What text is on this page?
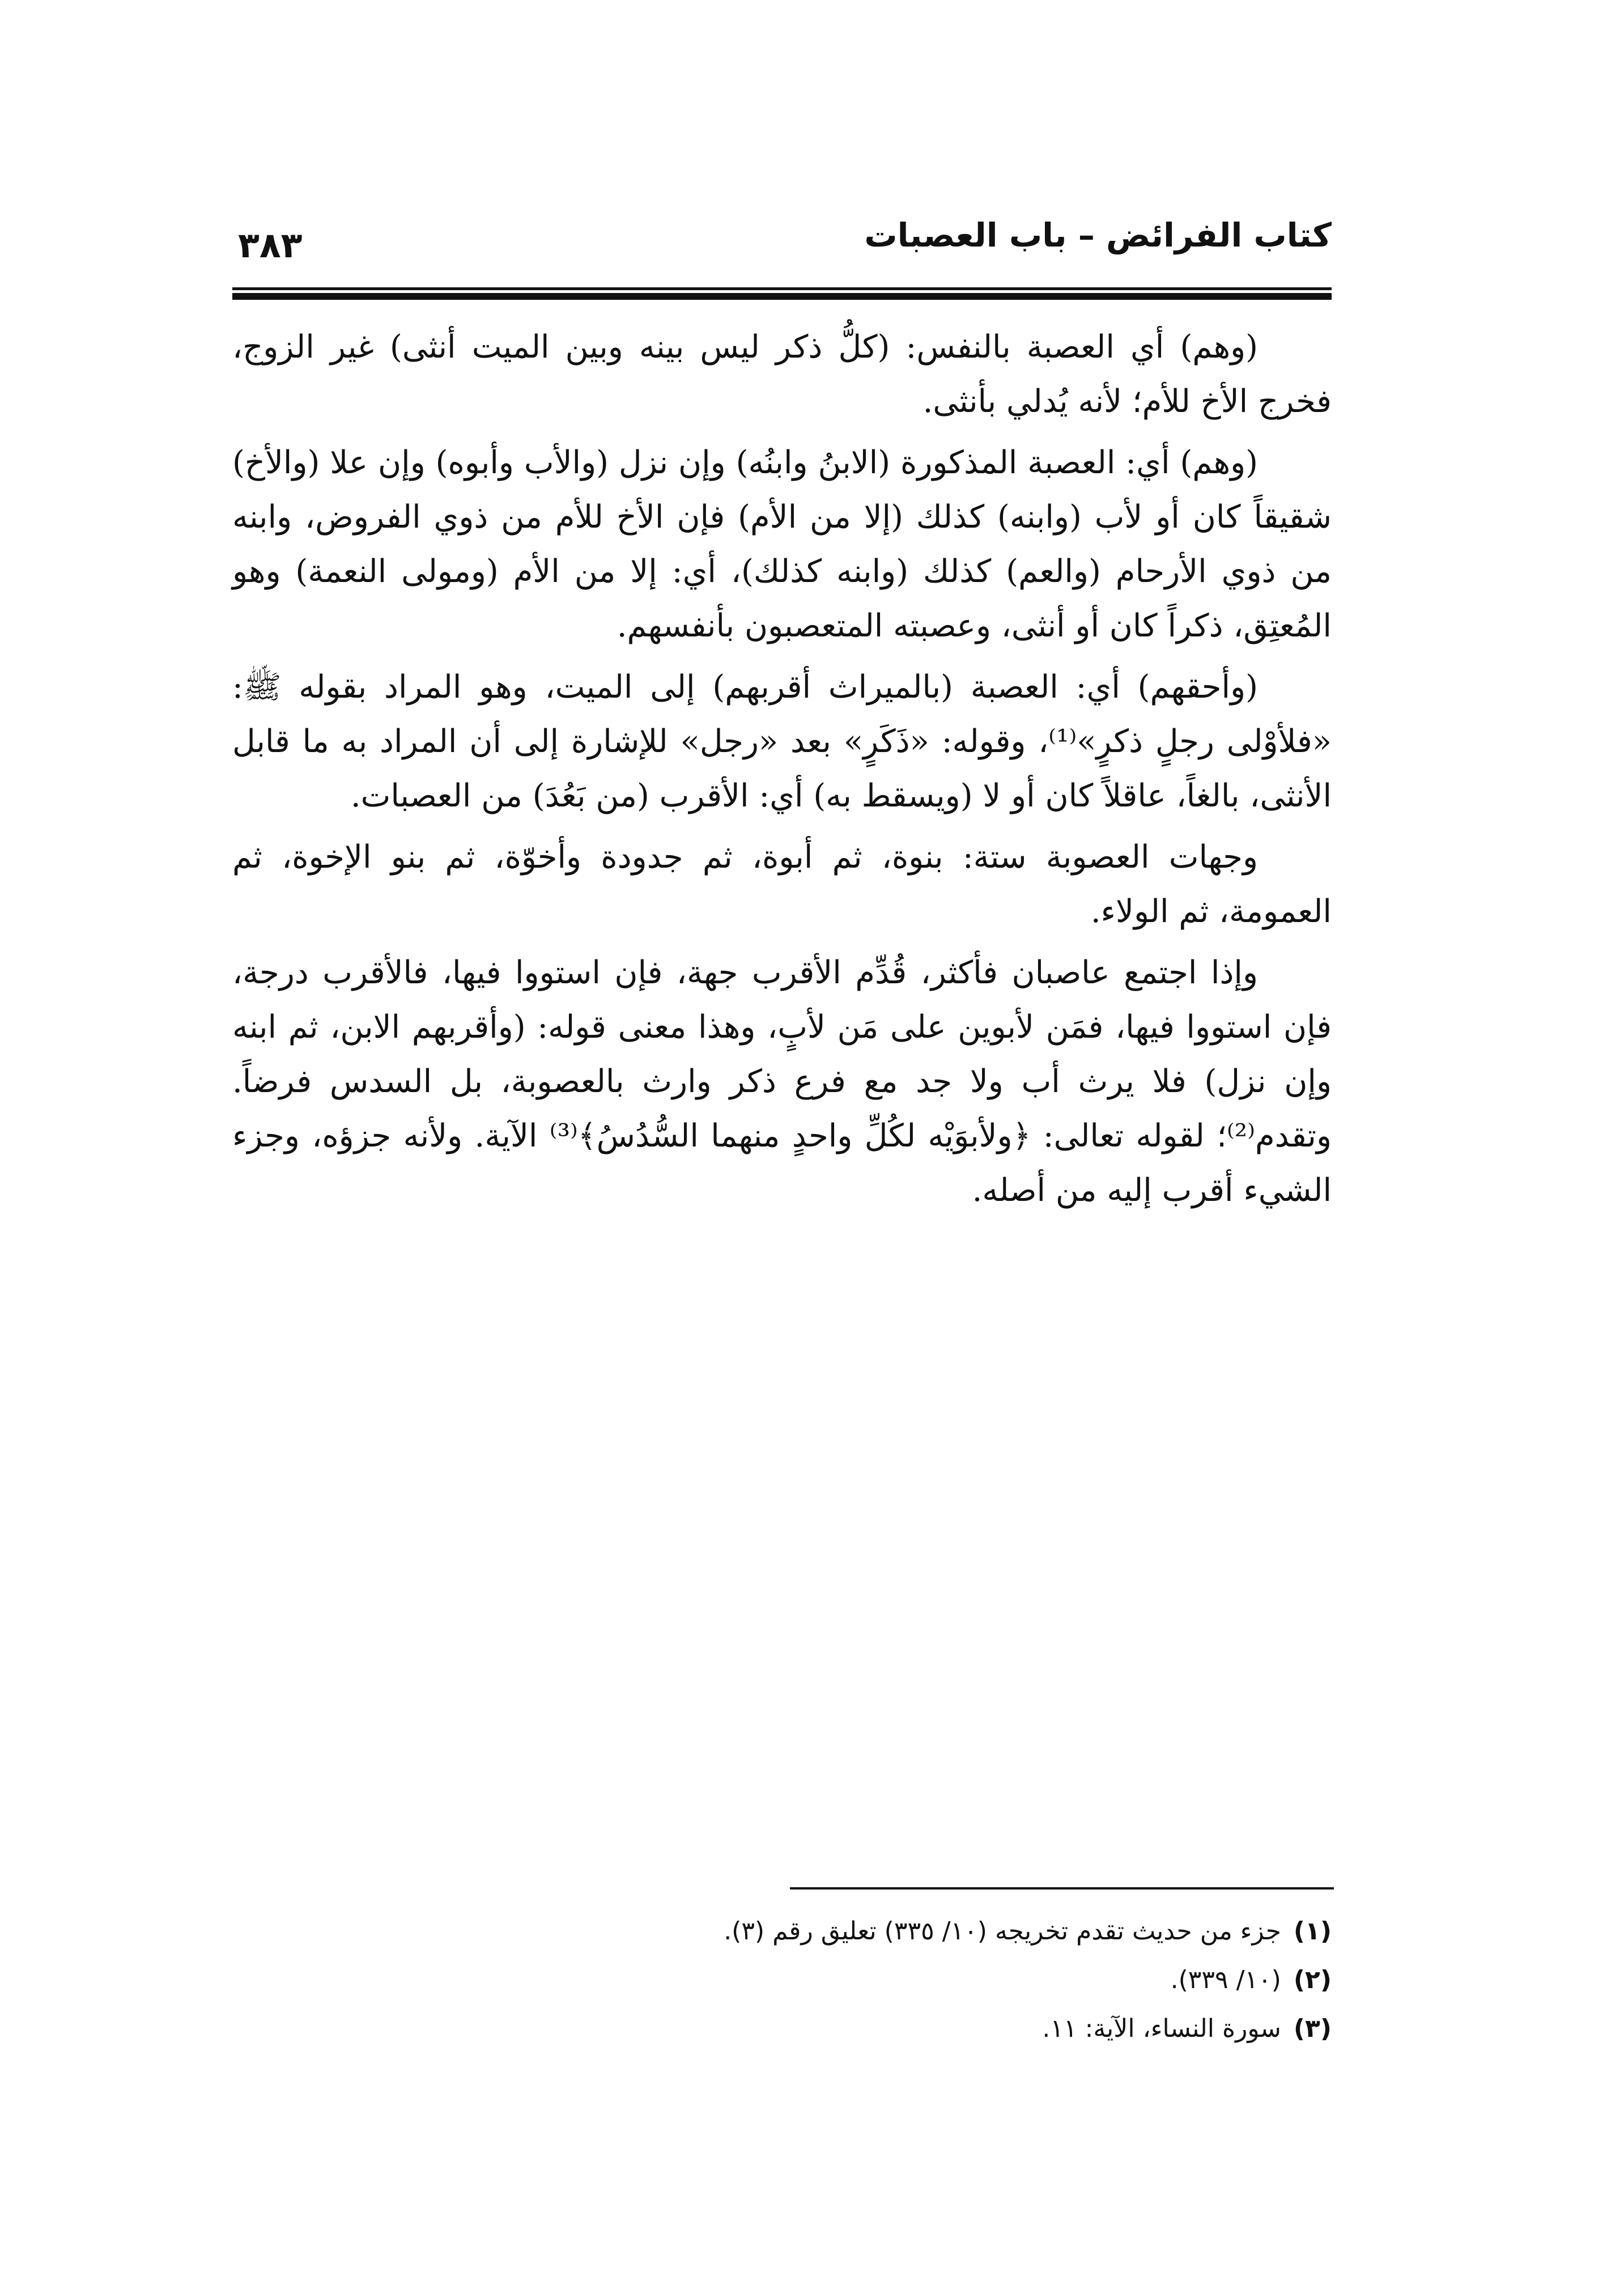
كتاب الفرائض – باب العصبات
٣٨٣

(وهم) أي العصبة بالنفس: (كلُّ ذكر ليس بينه وبين الميت أنثى) غير الزوج، فخرج الأخ للأم؛ لأنه يُدلي بأنثى.

(وهم) أي: العصبة المذكورة (الابنُ وابنُه) وإن نزل (والأب وأبوه) وإن علا (والأخ) شقيقاً كان أو لأب (وابنه) كذلك (إلا من الأم) فإن الأخ للأم من ذوي الفروض، وابنه من ذوي الأرحام (والعم) كذلك (وابنه كذلك)، أي: إلا من الأم (ومولى النعمة) وهو المُعتِق، ذكراً كان أو أنثى، وعصبته المتعصبون بأنفسهم.

(وأحقهم) أي: العصبة (بالميراث أقربهم) إلى الميت، وهو المراد بقوله ﷺ: «فلأوْلى رجلٍ ذكرٍ»⁽¹⁾، وقوله: «ذَكَرٍ» بعد «رجل» للإشارة إلى أن المراد به ما قابل الأنثى، بالغاً، عاقلاً كان أو لا (ويسقط به) أي: الأقرب (من بَعُدَ) من العصبات.

وجهات العصوبة ستة: بنوة، ثم أبوة، ثم جدودة وأخوّة، ثم بنو الإخوة، ثم العمومة، ثم الولاء.

وإذا اجتمع عاصبان فأكثر، قُدِّم الأقرب جهة، فإن استووا فيها، فالأقرب درجة، فإن استووا فيها، فمَن لأبوين على مَن لأبٍ، وهذا معنى قوله: (وأقربهم الابن، ثم ابنه وإن نزل) فلا يرث أب ولا جد مع فرع ذكر وارث بالعصوبة، بل السدس فرضاً. وتقدم⁽²⁾؛ لقوله تعالى: ﴿ولأبوَيْه لكُلِّ واحدٍ منهما السُّدُسُ﴾⁽³⁾ الآية. ولأنه جزؤه، وجزء الشيء أقرب إليه من أصله.

(١)جزء من حديث تقدم تخريجه (١٠/ ٣٣٥) تعليق رقم (٣).

(٢)(١٠/ ٣٣٩).

(٣)سورة النساء، الآية: ١١.
